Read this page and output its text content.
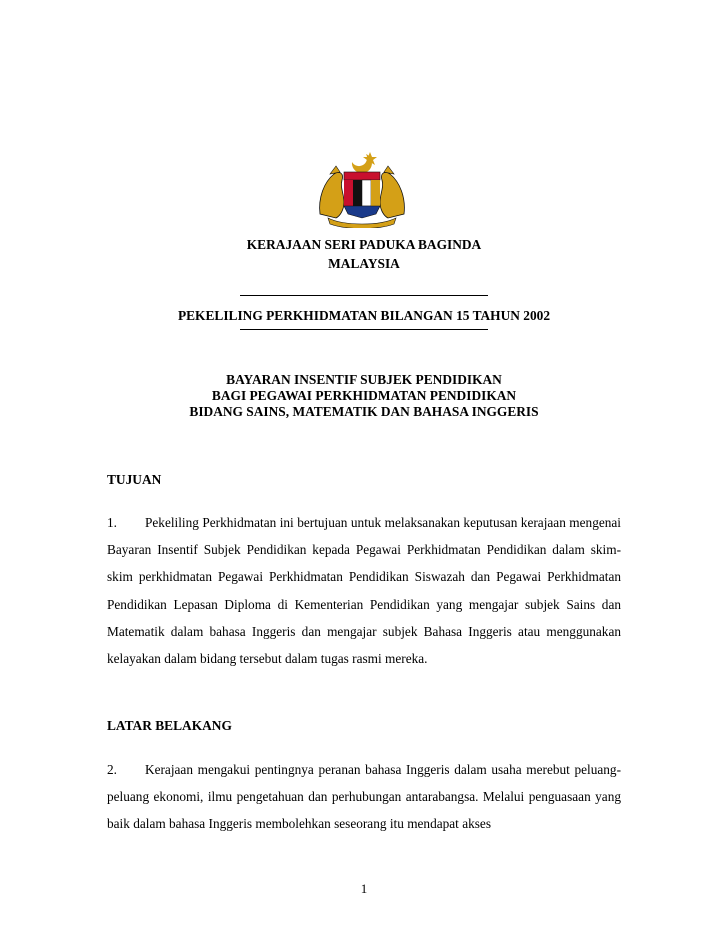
KERAJAAN SERI PADUKA BAGINDA
MALAYSIA
PEKELILING PERKHIDMATAN BILANGAN 15 TAHUN 2002
BAYARAN INSENTIF SUBJEK PENDIDIKAN
BAGI PEGAWAI PERKHIDMATAN PENDIDIKAN
BIDANG SAINS, MATEMATIK DAN BAHASA INGGERIS
TUJUAN
1. Pekeliling Perkhidmatan ini bertujuan untuk melaksanakan keputusan kerajaan mengenai Bayaran Insentif Subjek Pendidikan kepada Pegawai Perkhidmatan Pendidikan dalam skim-skim perkhidmatan Pegawai Perkhidmatan Pendidikan Siswazah dan Pegawai Perkhidmatan Pendidikan Lepasan Diploma di Kementerian Pendidikan yang mengajar subjek Sains dan Matematik dalam bahasa Inggeris dan mengajar subjek Bahasa Inggeris atau menggunakan kelayakan dalam bidang tersebut dalam tugas rasmi mereka.
LATAR BELAKANG
2. Kerajaan mengakui pentingnya peranan bahasa Inggeris dalam usaha merebut peluang-peluang ekonomi, ilmu pengetahuan dan perhubungan antarabangsa. Melalui penguasaan yang baik dalam bahasa Inggeris membolehkan seseorang itu mendapat akses
1
